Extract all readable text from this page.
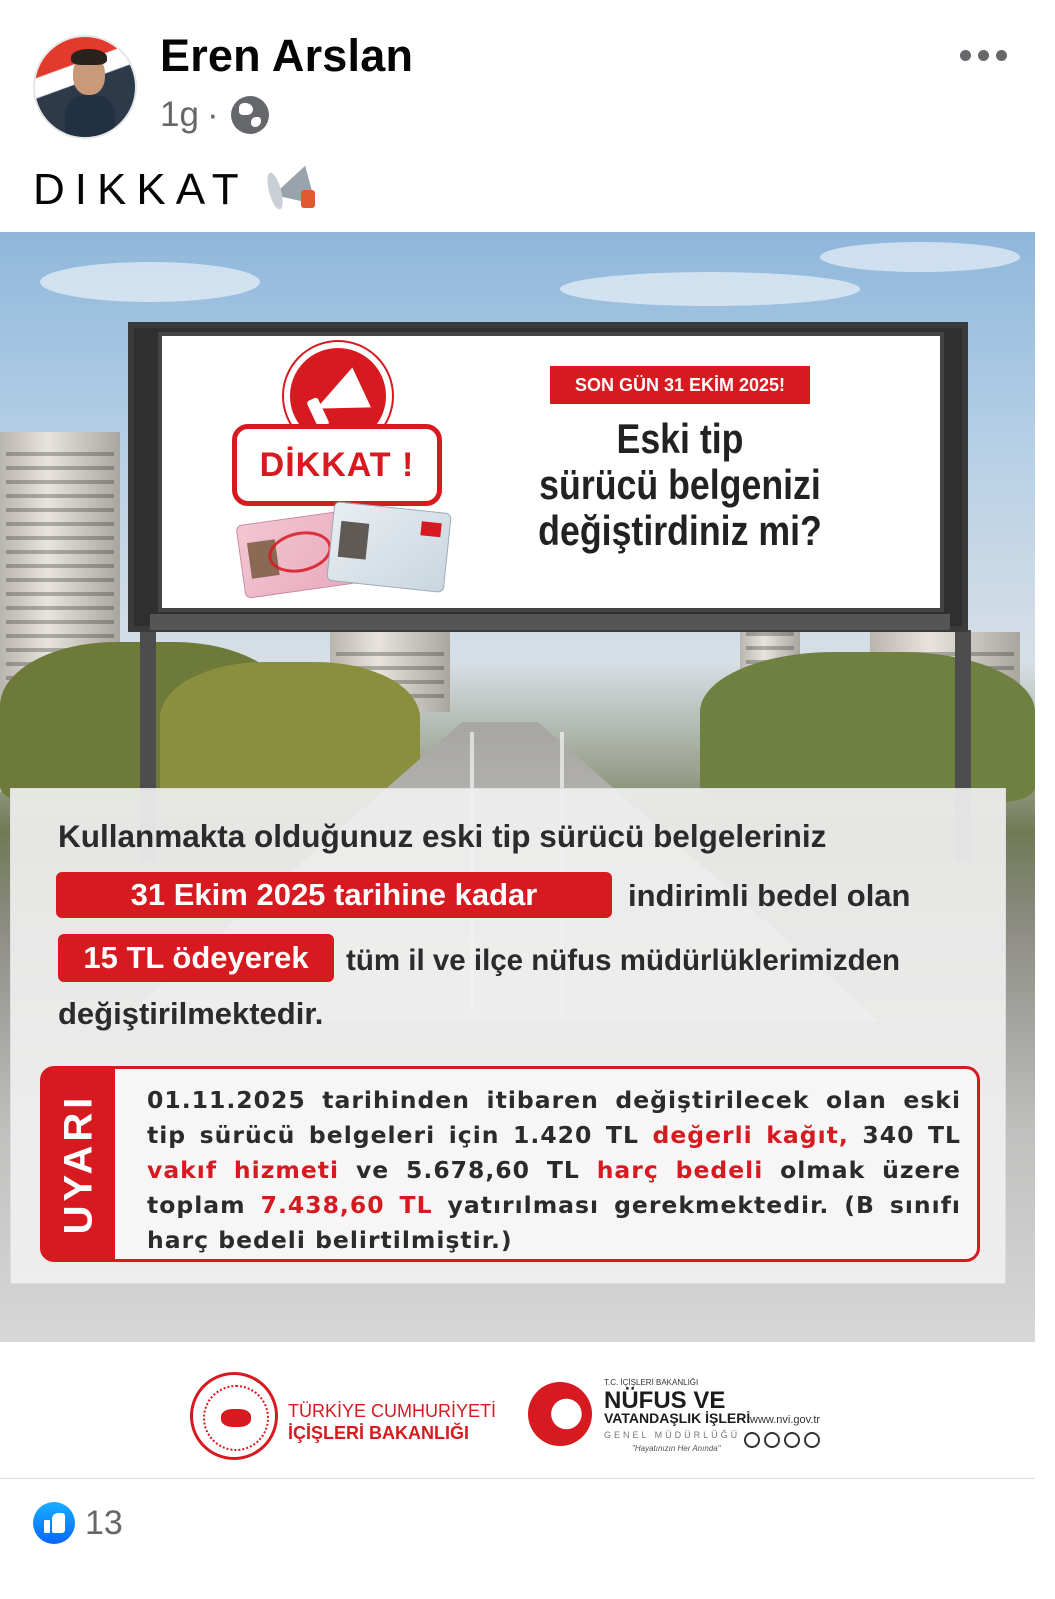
Eren Arslan
1g ·
DIKKAT
DİKKAT !
SON GÜN 31 EKİM 2025!
Eski tip
sürücü belgenizi
değiştirdiniz mi?
Kullanmakta olduğunuz eski tip sürücü belgeleriniz
31 Ekim 2025 tarihine kadar	indirimli bedel olan
15 TL ödeyerek	tüm il ve ilçe nüfus müdürlüklerimizden
değiştirilmektedir.
UYARI 01.11.2025 tarihinden itibaren değiştirilecek olan eski tip sürücü belgeleri için 1.420 TL değerli kağıt, 340 TL vakıf hizmeti ve 5.678,60 TL harç bedeli olmak üzere toplam 7.438,60 TL yatırılması gerekmektedir. (B sınıfı harç bedeli belirtilmiştir.)
TÜRKİYE CUMHURİYETİ
İÇİŞLERİ BAKANLIĞI
T.C. İÇİŞLERİ BAKANLIĞI
NÜFUS VE
VATANDAŞLIK İŞLERİ
GENEL MÜDÜRLÜĞÜ
"Hayatınızın Her Anında"
www.nvi.gov.tr
13
